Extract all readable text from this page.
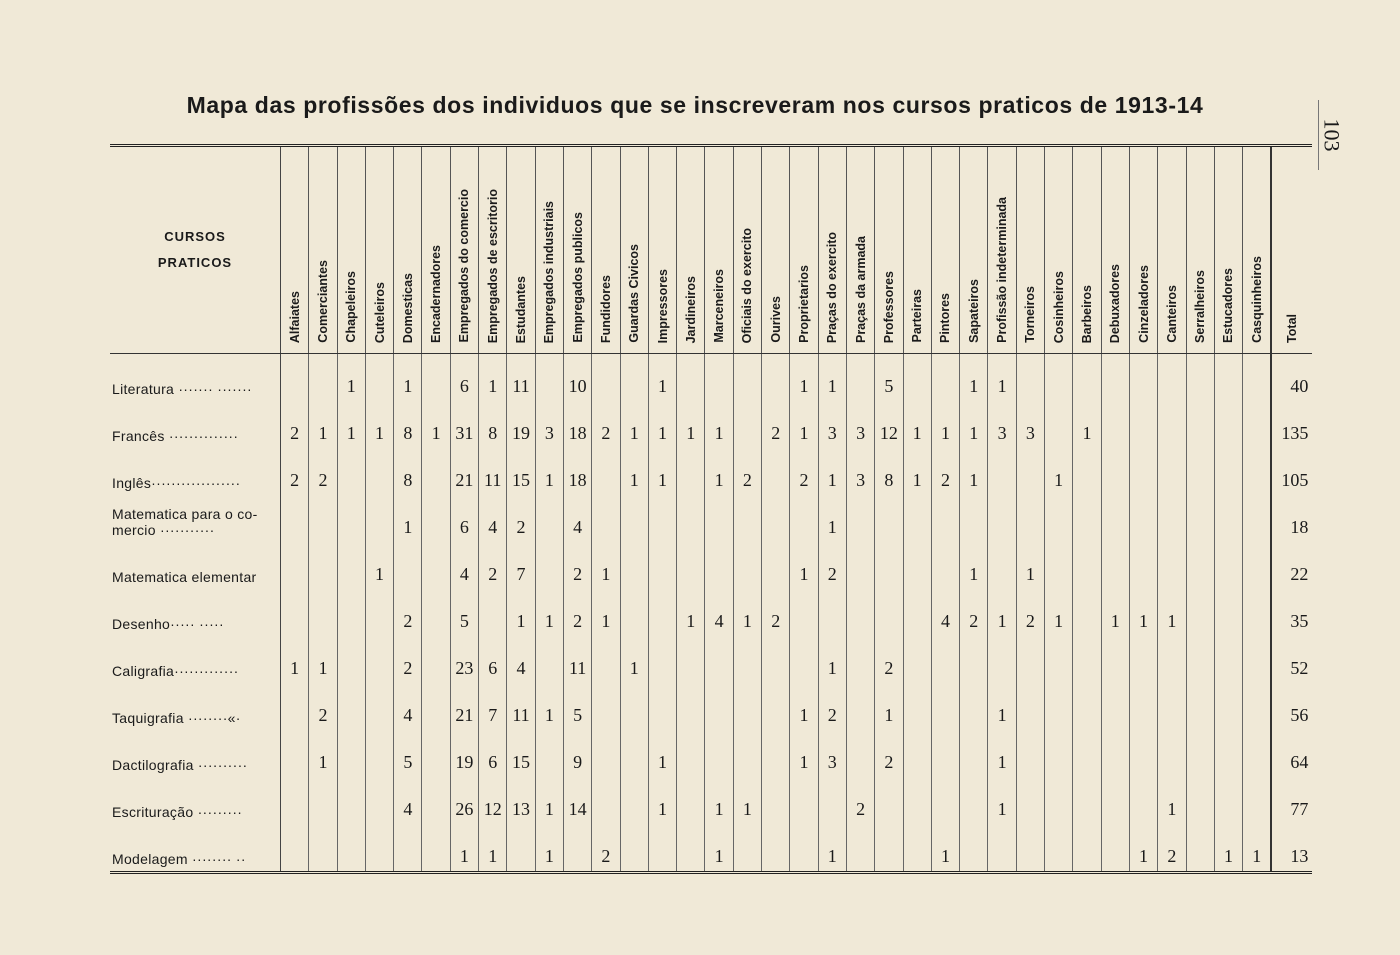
103
Mapa das profissões dos individuos que se inscreveram nos cursos praticos de 1913-14
CURSOS
PRATICOS	Alfaiates	Comerciantes	Chapeleiros	Cuteleiros	Domesticas	Encadernadores	Empregados do comercio	Empregados de escritorio	Estudantes	Empregados industriais	Empregados publicos	Fundidores	Guardas Civicos	Impressores	Jardineiros	Marceneiros	Oficiais do exercito	Ourives	Proprietarios	Praças do exercito	Praças da armada	Professores	Parteiras	Pintores	Sapateiros	Profissão indeterminada	Torneiros	Cosinheiros	Barbeiros	Debuxadores	Cinzeladores	Canteiros	Serralheiros	Estucadores	Casquinheiros	Total

Literatura ······· ·······			1		1		6	1	11		10			1					1	1		5			1	1										40
Francês ··············	2	1	1	1	8	1	31	8	19	3	18	2	1	1	1	1		2	1	3	3	12	1	1	1	3	3		1							135
Inglês··················	2	2			8		21	11	15	1	18		1	1		1	2		2	1	3	8	1	2	1			1								105
Matematica para o co- mercio ···········					1		6	4	2		4									1																18
Matematica elementar				1			4	2	7		2	1							1	2					1		1									22
Desenho····· ·····					2		5		1	1	2	1			1	4	1	2						4	2	1	2	1		1	1	1				35
Caligrafia·············	1	1			2		23	6	4		11		1							1		2														52
Taquigrafia ········«·		2			4		21	7	11	1	5								1	2		1				1										56
Dactilografia ··········		1			5		19	6	15		9			1					1	3		2				1										64
Escrituração ·········					4		26	12	13	1	14			1		1	1				2					1						1				77
Modelagem ········ ··							1	1		1		2				1				1				1							1	2		1	1	13
